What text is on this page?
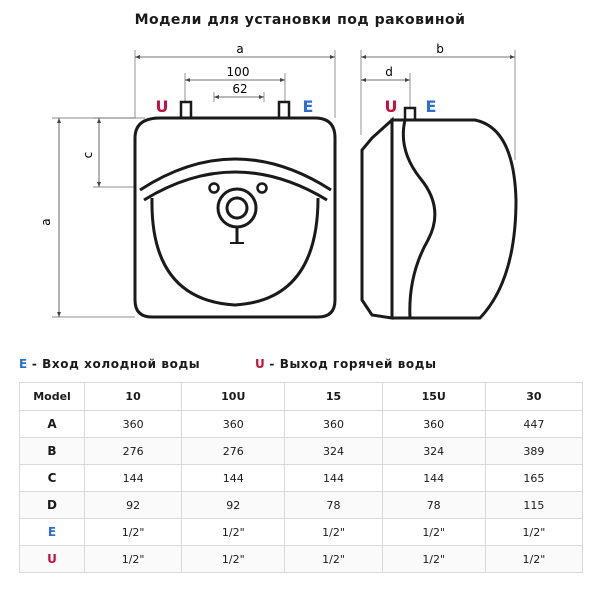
Модели для установки под раковиной
a
100
62
c
a
U	E
b
d
U E
E - Вход холодной воды	U - Выход горячей воды
Model	10	10U	15	15U	30
A	360	360	360	360	447
B	276	276	324	324	389
C	144	144	144	144	165
D	92	92	78	78	115
E	1/2"	1/2"	1/2"	1/2"	1/2"
U	1/2"	1/2"	1/2"	1/2"	1/2"
